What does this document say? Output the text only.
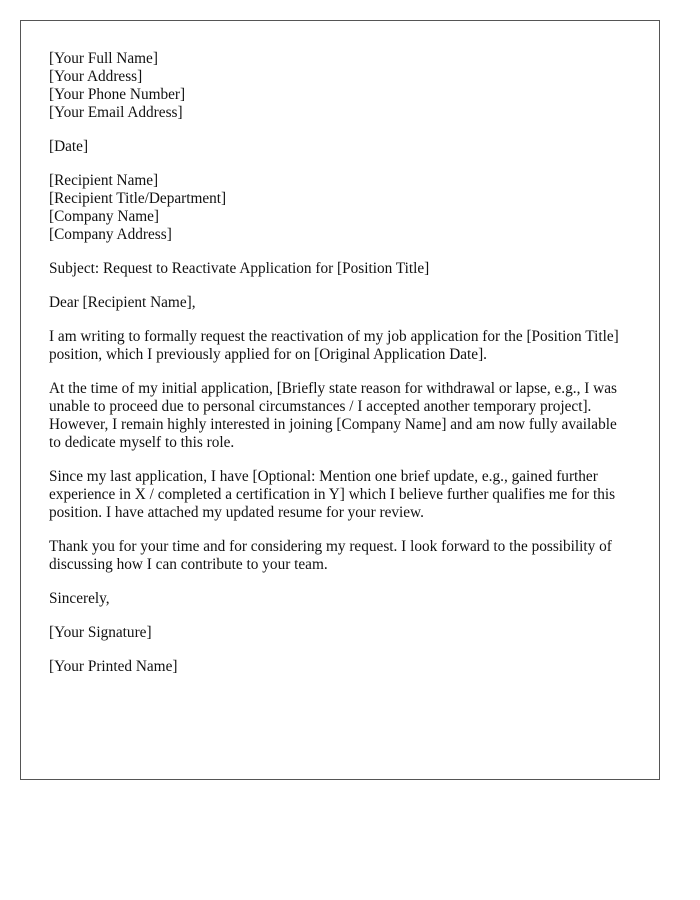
[Your Full Name]
[Your Address]
[Your Phone Number]
[Your Email Address]
[Date]
[Recipient Name]
[Recipient Title/Department]
[Company Name]
[Company Address]

Subject: Request to Reactivate Application for [Position Title]

Dear [Recipient Name],

I am writing to formally request the reactivation of my job application for the [Position Title] position, which I previously applied for on [Original Application Date].

At the time of my initial application, [Briefly state reason for withdrawal or lapse, e.g., I was unable to proceed due to personal circumstances / I accepted another temporary project]. However, I remain highly interested in joining [Company Name] and am now fully available to dedicate myself to this role.

Since my last application, I have [Optional: Mention one brief update, e.g., gained further experience in X / completed a certification in Y] which I believe further qualifies me for this position. I have attached my updated resume for your review.

Thank you for your time and for considering my request. I look forward to the possibility of discussing how I can contribute to your team.

Sincerely,

[Your Signature]

[Your Printed Name]
